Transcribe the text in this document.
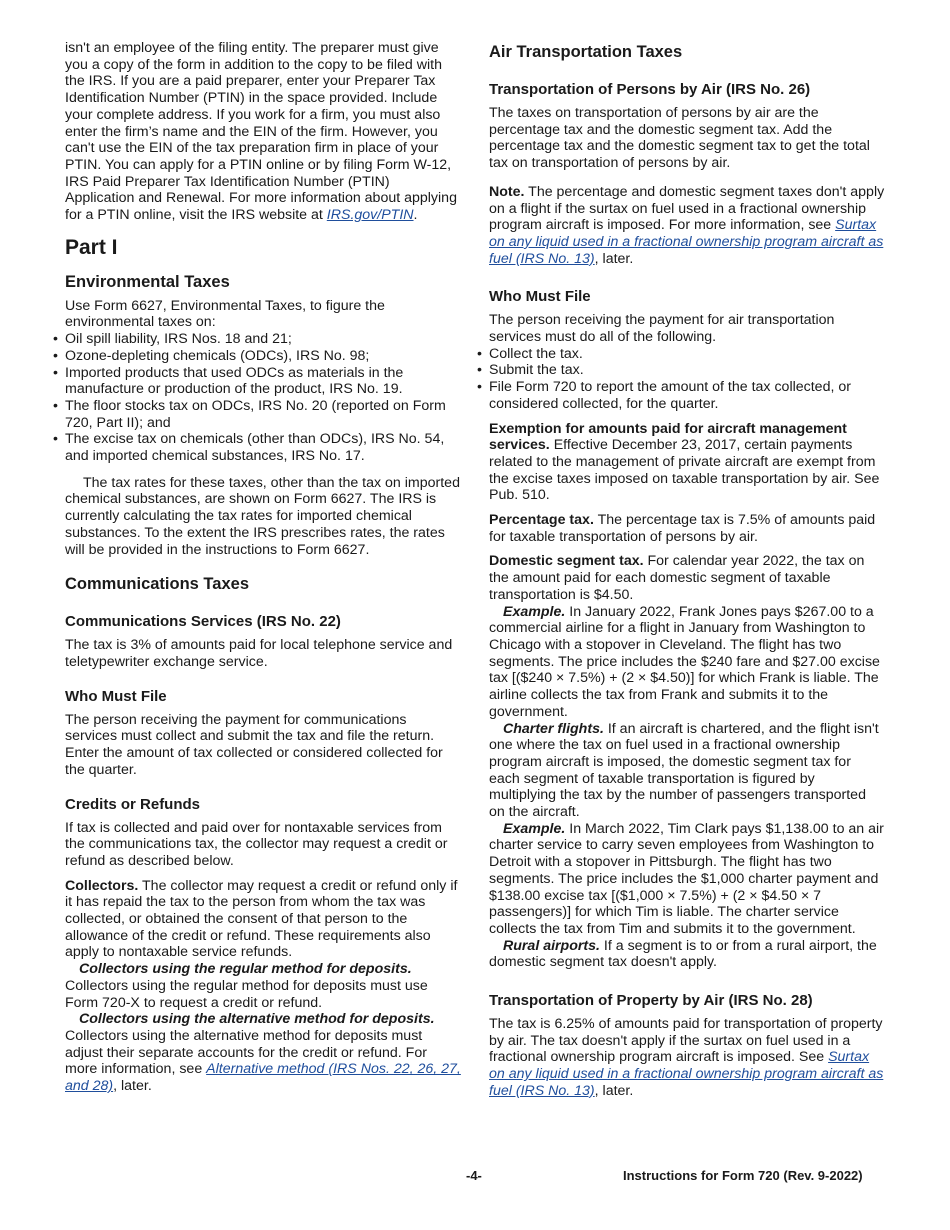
isn't an employee of the filing entity. The preparer must give you a copy of the form in addition to the copy to be filed with the IRS. If you are a paid preparer, enter your Preparer Tax Identification Number (PTIN) in the space provided. Include your complete address. If you work for a firm, you must also enter the firm’s name and the EIN of the firm. However, you can't use the EIN of the tax preparation firm in place of your PTIN. You can apply for a PTIN online or by filing Form W-12, IRS Paid Preparer Tax Identification Number (PTIN) Application and Renewal. For more information about applying for a PTIN online, visit the IRS website at IRS.gov/PTIN.

Part I
Environmental Taxes

Use Form 6627, Environmental Taxes, to figure the environmental taxes on:

• Oil spill liability, IRS Nos. 18 and 21;
• Ozone-depleting chemicals (ODCs), IRS No. 98;
• Imported products that used ODCs as materials in the manufacture or production of the product, IRS No. 19.
• The floor stocks tax on ODCs, IRS No. 20 (reported on Form 720, Part II); and
• The excise tax on chemicals (other than ODCs), IRS No. 54, and imported chemical substances, IRS No. 17.

The tax rates for these taxes, other than the tax on imported chemical substances, are shown on Form 6627. The IRS is currently calculating the tax rates for imported chemical substances. To the extent the IRS prescribes rates, the rates will be provided in the instructions to Form 6627.

Communications Taxes
Communications Services (IRS No. 22)

The tax is 3% of amounts paid for local telephone service and teletypewriter exchange service.

Who Must File

The person receiving the payment for communications services must collect and submit the tax and file the return. Enter the amount of tax collected or considered collected for the quarter.

Credits or Refunds

If tax is collected and paid over for nontaxable services from the communications tax, the collector may request a credit or refund as described below.

Collectors. The collector may request a credit or refund only if it has repaid the tax to the person from whom the tax was collected, or obtained the consent of that person to the allowance of the credit or refund. These requirements also apply to nontaxable service refunds.

Collectors using the regular method for deposits. Collectors using the regular method for deposits must use Form 720-X to request a credit or refund.

Collectors using the alternative method for deposits. Collectors using the alternative method for deposits must adjust their separate accounts for the credit or refund. For more information, see Alternative method (IRS Nos. 22, 26, 27, and 28), later.

Air Transportation Taxes
Transportation of Persons by Air (IRS No. 26)

The taxes on transportation of persons by air are the percentage tax and the domestic segment tax. Add the percentage tax and the domestic segment tax to get the total tax on transportation of persons by air.

Note. The percentage and domestic segment taxes don't apply on a flight if the surtax on fuel used in a fractional ownership program aircraft is imposed. For more information, see Surtax on any liquid used in a fractional ownership program aircraft as fuel (IRS No. 13), later.

Who Must File

The person receiving the payment for air transportation services must do all of the following.

• Collect the tax.
• Submit the tax.
• File Form 720 to report the amount of the tax collected, or considered collected, for the quarter.

Exemption for amounts paid for aircraft management services. Effective December 23, 2017, certain payments related to the management of private aircraft are exempt from the excise taxes imposed on taxable transportation by air. See Pub. 510.

Percentage tax. The percentage tax is 7.5% of amounts paid for taxable transportation of persons by air.

Domestic segment tax. For calendar year 2022, the tax on the amount paid for each domestic segment of taxable transportation is $4.50.

Example. In January 2022, Frank Jones pays $267.00 to a commercial airline for a flight in January from Washington to Chicago with a stopover in Cleveland. The flight has two segments. The price includes the $240 fare and $27.00 excise tax [($240 × 7.5%) + (2 × $4.50)] for which Frank is liable. The airline collects the tax from Frank and submits it to the government.

Charter flights. If an aircraft is chartered, and the flight isn't one where the tax on fuel used in a fractional ownership program aircraft is imposed, the domestic segment tax for each segment of taxable transportation is figured by multiplying the tax by the number of passengers transported on the aircraft.

Example. In March 2022, Tim Clark pays $1,138.00 to an air charter service to carry seven employees from Washington to Detroit with a stopover in Pittsburgh. The flight has two segments. The price includes the $1,000 charter payment and $138.00 excise tax [($1,000 × 7.5%) + (2 × $4.50 × 7 passengers)] for which Tim is liable. The charter service collects the tax from Tim and submits it to the government.

Rural airports. If a segment is to or from a rural airport, the domestic segment tax doesn't apply.

Transportation of Property by Air (IRS No. 28)

The tax is 6.25% of amounts paid for transportation of property by air. The tax doesn't apply if the surtax on fuel used in a fractional ownership program aircraft is imposed. See Surtax on any liquid used in a fractional ownership program aircraft as fuel (IRS No. 13), later.

-4-	Instructions for Form 720 (Rev. 9-2022)
